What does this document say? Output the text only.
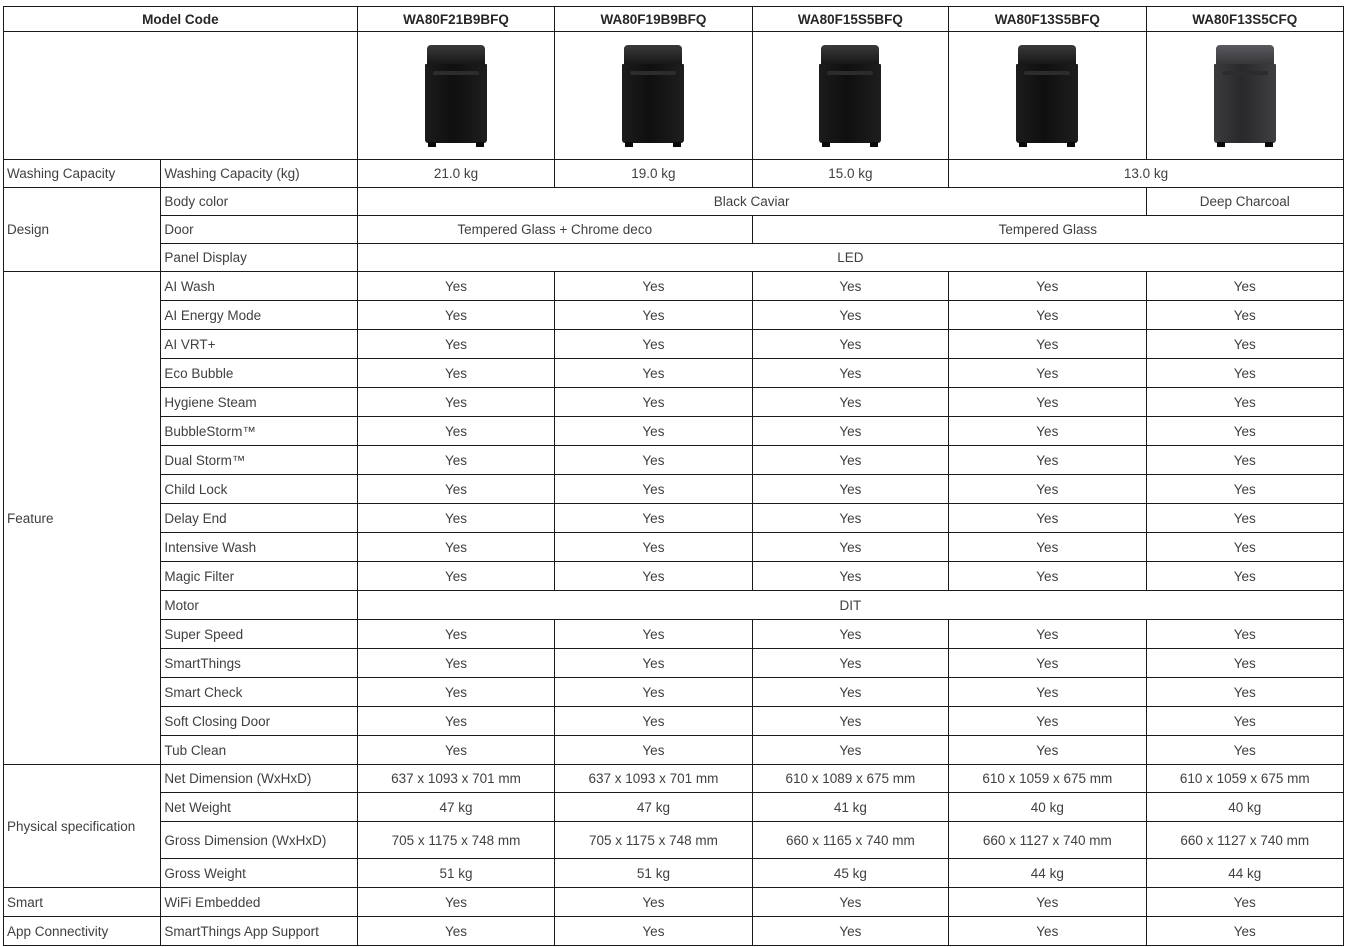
Model Code		WA80F21B9BFQ	WA80F19B9BFQ	WA80F15S5BFQ	WA80F13S5BFQ	WA80F13S5CFQ

Washing Capacity	Washing Capacity (kg)	21.0 kg	19.0 kg	15.0 kg	13.0 kg	
Design	Body color	Black Caviar				Deep Charcoal
	Door	Tempered Glass + Chrome deco		Tempered Glass		
	Panel Display	LED				
Feature	AI Wash	Yes	Yes	Yes	Yes	Yes
	AI Energy Mode	Yes	Yes	Yes	Yes	Yes
	AI VRT+	Yes	Yes	Yes	Yes	Yes
	Eco Bubble	Yes	Yes	Yes	Yes	Yes
	Hygiene Steam	Yes	Yes	Yes	Yes	Yes
	BubbleStorm™	Yes	Yes	Yes	Yes	Yes
	Dual Storm™	Yes	Yes	Yes	Yes	Yes
	Child Lock	Yes	Yes	Yes	Yes	Yes
	Delay End	Yes	Yes	Yes	Yes	Yes
	Intensive Wash	Yes	Yes	Yes	Yes	Yes
	Magic Filter	Yes	Yes	Yes	Yes	Yes
	Motor	DIT				
	Super Speed	Yes	Yes	Yes	Yes	Yes
	SmartThings	Yes	Yes	Yes	Yes	Yes
	Smart Check	Yes	Yes	Yes	Yes	Yes
	Soft Closing Door	Yes	Yes	Yes	Yes	Yes
	Tub Clean	Yes	Yes	Yes	Yes	Yes
Physical specification	Net Dimension (WxHxD)	637 x 1093 x 701 mm	637 x 1093 x 701 mm	610 x 1089 x 675 mm	610 x 1059 x 675 mm	610 x 1059 x 675 mm
	Net Weight	47 kg	47 kg	41 kg	40 kg	40 kg
	Gross Dimension (WxHxD)	705 x 1175 x 748 mm	705 x 1175 x 748 mm	660 x 1165 x 740 mm	660 x 1127 x 740 mm	660 x 1127 x 740 mm
	Gross Weight	51 kg	51 kg	45 kg	44 kg	44 kg
Smart	WiFi Embedded	Yes	Yes	Yes	Yes	Yes
App Connectivity	SmartThings App Support	Yes	Yes	Yes	Yes	Yes
